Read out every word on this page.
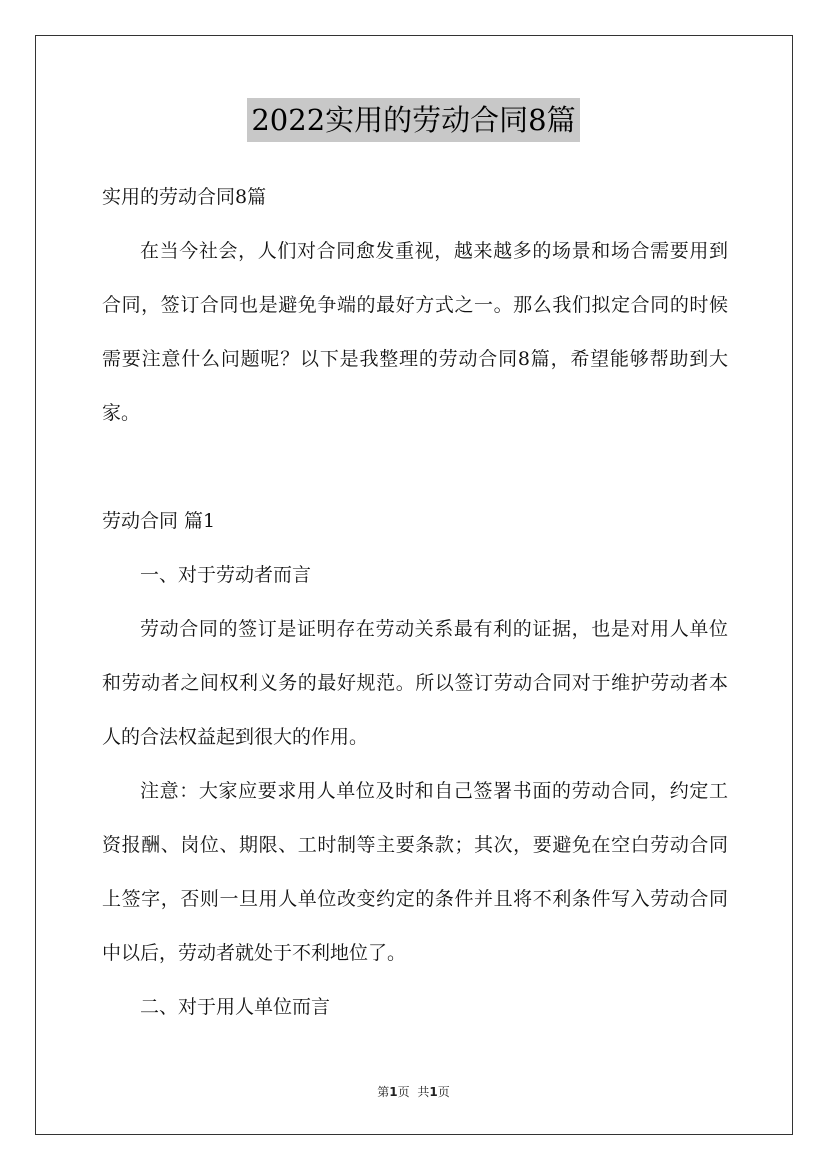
2022实用的劳动合同8篇

实用的劳动合同8篇

在当今社会，人们对合同愈发重视，越来越多的场景和场合需要用到合同，签订合同也是避免争端的最好方式之一。那么我们拟定合同的时候需要注意什么问题呢？以下是我整理的劳动合同8篇，希望能够帮助到大家。

劳动合同 篇1

一、对于劳动者而言

劳动合同的签订是证明存在劳动关系最有利的证据，也是对用人单位和劳动者之间权利义务的最好规范。所以签订劳动合同对于维护劳动者本人的合法权益起到很大的作用。

注意：大家应要求用人单位及时和自己签署书面的劳动合同，约定工资报酬、岗位、期限、工时制等主要条款；其次，要避免在空白劳动合同上签字，否则一旦用人单位改变约定的条件并且将不利条件写入劳动合同中以后，劳动者就处于不利地位了。

二、对于用人单位而言

第1页 共1页
